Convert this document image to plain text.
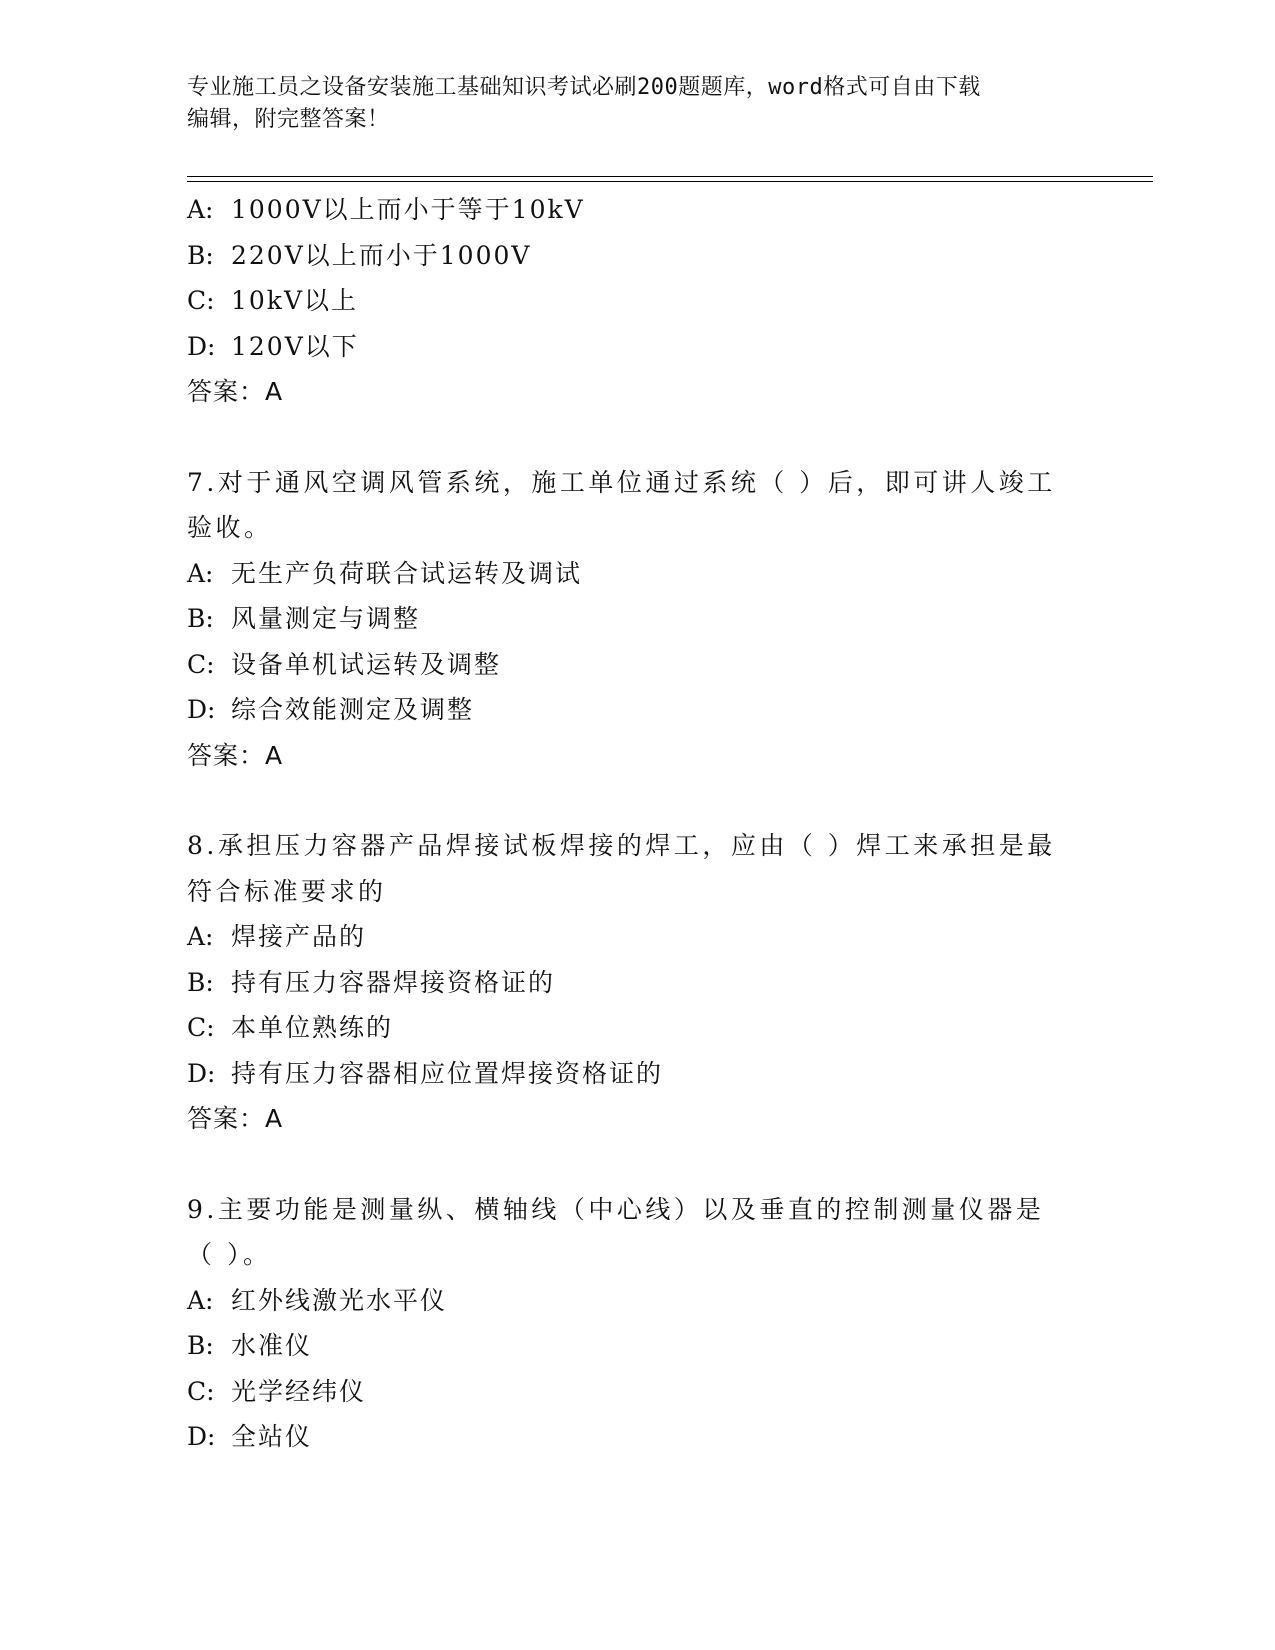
专业施工员之设备安装施工基础知识考试必刷200题题库，word格式可自由下载
编辑，附完整答案！
A: 1000V以上而小于等于10kV
B: 220V以上而小于1000V
C: 10kV以上
D: 120V以下
答案：A
7.对于通风空调风管系统，施工单位通过系统（ ）后，即可讲人竣工
验收。
A: 无生产负荷联合试运转及调试
B: 风量测定与调整
C: 设备单机试运转及调整
D: 综合效能测定及调整
答案：A
8.承担压力容器产品焊接试板焊接的焊工，应由（ ）焊工来承担是最
符合标准要求的
A: 焊接产品的
B: 持有压力容器焊接资格证的
C: 本单位熟练的
D: 持有压力容器相应位置焊接资格证的
答案：A
9.主要功能是测量纵、横轴线（中心线）以及垂直的控制测量仪器是
（ ）。
A: 红外线激光水平仪
B: 水准仪
C: 光学经纬仪
D: 全站仪
